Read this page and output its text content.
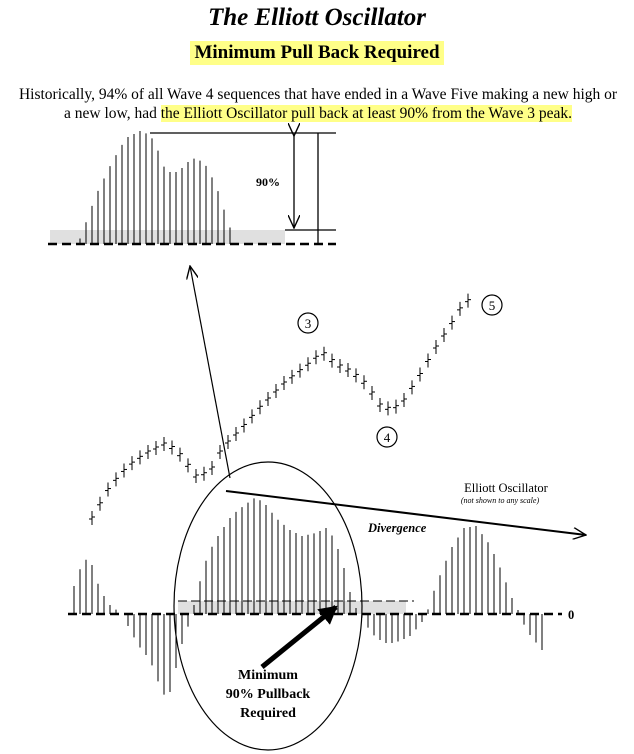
The Elliott Oscillator
Minimum Pull Back Required
Historically, 94% of all Wave 4 sequences that have ended in a Wave Five making a new high or a new low, had the Elliott Oscillator pull back at least 90% from the Wave 3 peak.
90%
3
4
5
Elliott Oscillator
(not shown to any scale)
Divergence
0
Minimum
90% Pullback
Required
